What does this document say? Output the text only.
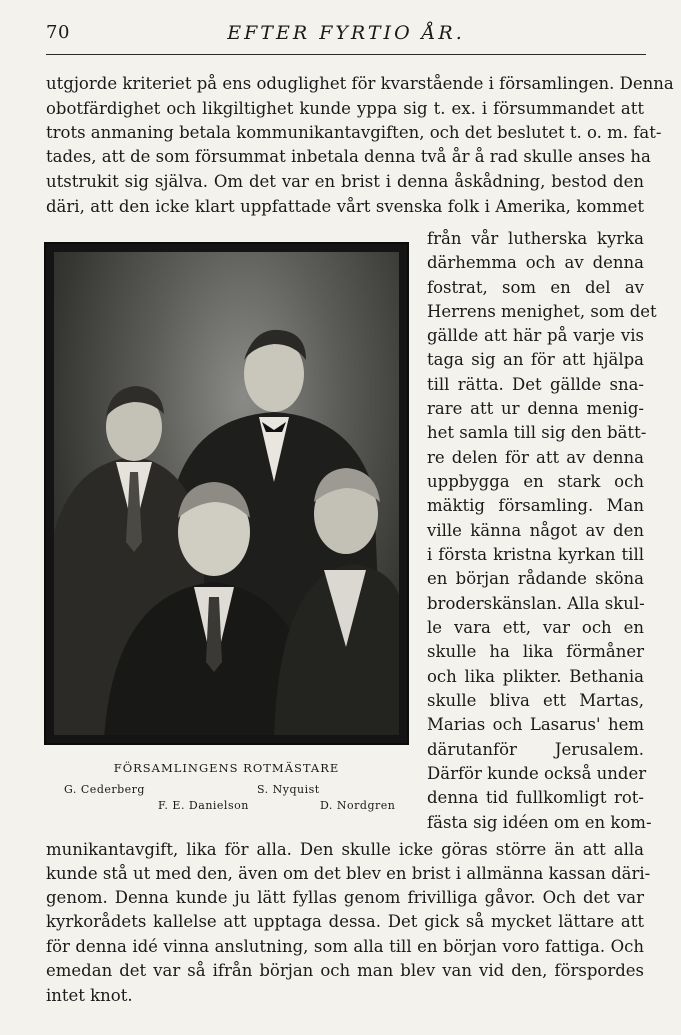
70	EFTER FYRTIO ÅR.
utgjorde kriteriet på ens oduglighet för kvarstående i församlingen. Denna
obotfärdighet och likgiltighet kunde yppa sig t. ex. i försummandet att
trots anmaning betala kommunikantavgiften, och det beslutet t. o. m. fat-
tades, att de som försummat inbetala denna två år å rad skulle anses ha
utstrukit sig själva. Om det var en brist i denna åskådning, bestod den
däri, att den icke klart uppfattade vårt svenska folk i Amerika, kommet
FÖRSAMLINGENS ROTMÄSTARE
G. Cederberg	S. Nyquist
F. E. Danielson	D. Nordgren
från vår lutherska kyrka
därhemma och av denna
fostrat, som en del av
Herrens menighet, som det
gällde att här på varje vis
taga sig an för att hjälpa
till rätta. Det gällde sna-
rare att ur denna menig-
het samla till sig den bätt-
re delen för att av denna
uppbygga en stark och
mäktig församling. Man
ville känna något av den
i första kristna kyrkan till
en början rådande sköna
broderskänslan. Alla skul-
le vara ett, var och en
skulle ha lika förmåner
och lika plikter. Bethania
skulle bliva ett Martas,
Marias och Lasarus' hem
därutanför Jerusalem.
Därför kunde också under
denna tid fullkomligt rot-
fästa sig idéen om en kom-
munikantavgift, lika för alla. Den skulle icke göras större än att alla
kunde stå ut med den, även om det blev en brist i allmänna kassan däri-
genom. Denna kunde ju lätt fyllas genom frivilliga gåvor. Och det var
kyrkorådets kallelse att upptaga dessa. Det gick så mycket lättare att
för denna idé vinna anslutning, som alla till en början voro fattiga. Och
emedan det var så ifrån början och man blev van vid den, förspordes
intet knot.
